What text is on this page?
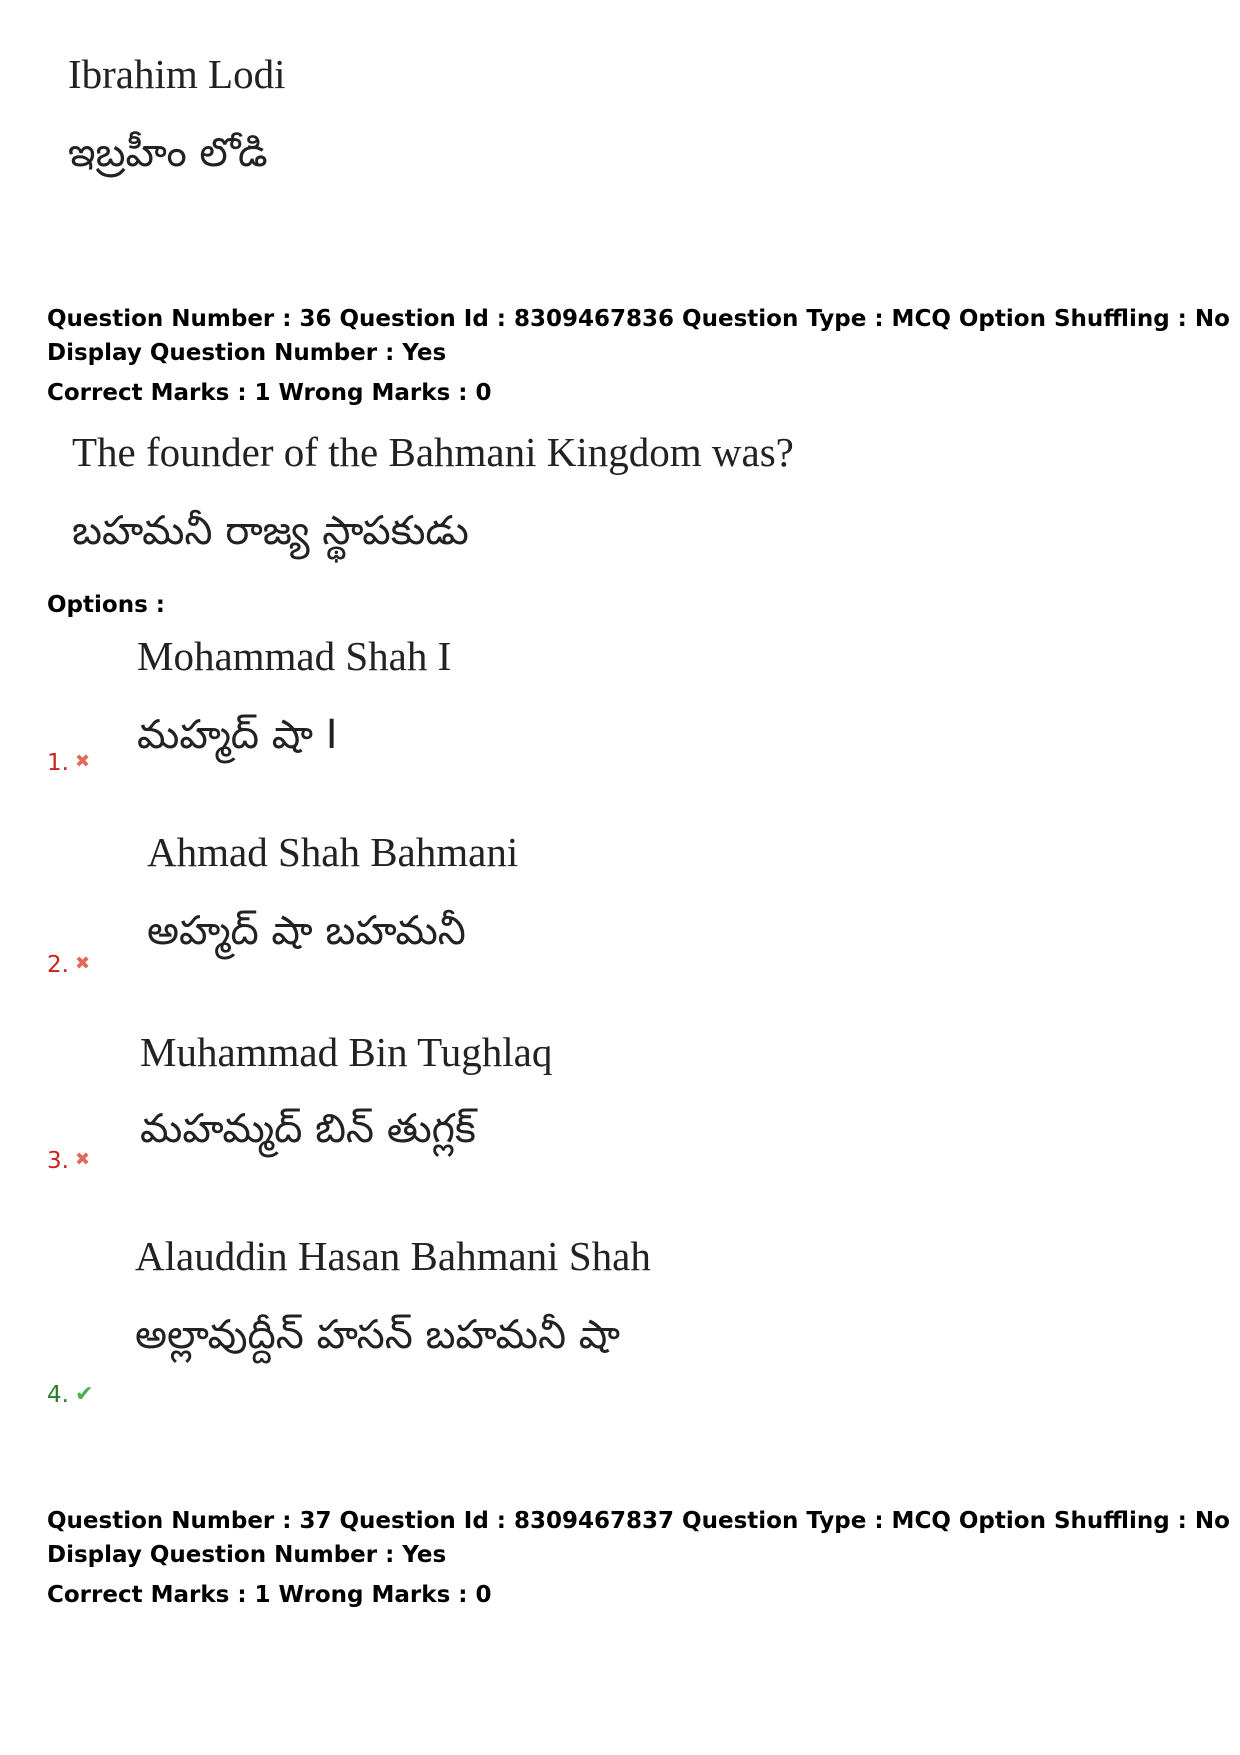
Ibrahim Lodi
ఇబ్రహీం లోడి
Question Number : 36 Question Id : 8309467836 Question Type : MCQ Option Shuffling : No
Display Question Number : Yes
Correct Marks : 1 Wrong Marks : 0
The founder of the Bahmani Kingdom was?
బహమనీ రాజ్య స్థాపకుడు
Options :
Mohammad Shah I
మహ్మద్ షా I
1. ✖
Ahmad Shah Bahmani
అహ్మద్ షా బహమనీ
2. ✖
Muhammad Bin Tughlaq
మహమ్మద్ బిన్ తుగ్లక్
3. ✖
Alauddin Hasan Bahmani Shah
అల్లావుద్దీన్ హసన్ బహమనీ షా
4. ✔
Question Number : 37 Question Id : 8309467837 Question Type : MCQ Option Shuffling : No
Display Question Number : Yes
Correct Marks : 1 Wrong Marks : 0
